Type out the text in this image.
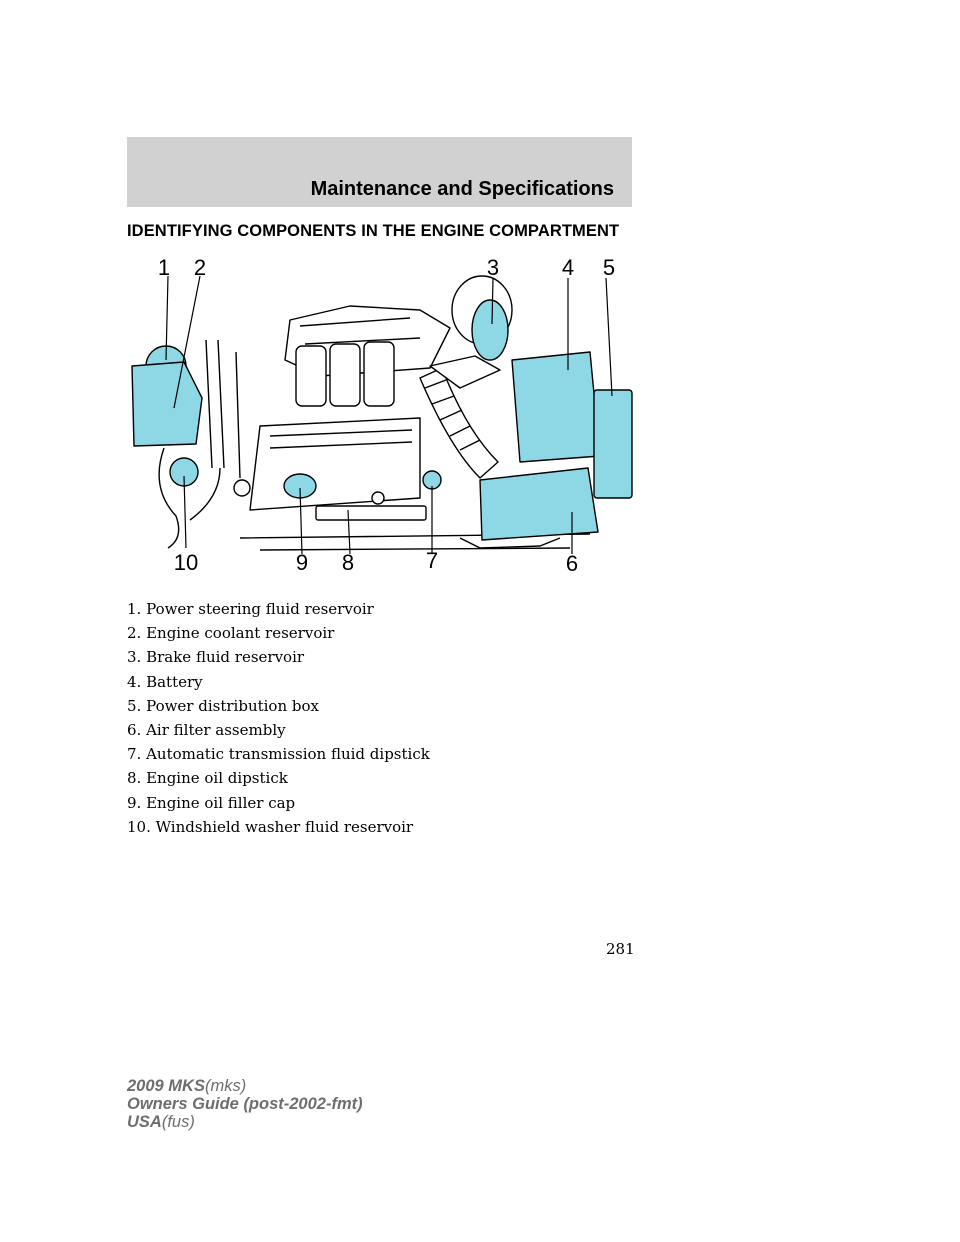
Maintenance and Specifications
IDENTIFYING COMPONENTS IN THE ENGINE COMPARTMENT
1 2	3	4 5
6
7
8
9
10
1. Power steering fluid reservoir
2. Engine coolant reservoir
3. Brake fluid reservoir
4. Battery
5. Power distribution box
6. Air filter assembly
7. Automatic transmission fluid dipstick
8. Engine oil dipstick
9. Engine oil filler cap
10. Windshield washer fluid reservoir
281
2009 MKS(mks)
Owners Guide (post-2002-fmt)
USA(fus)
